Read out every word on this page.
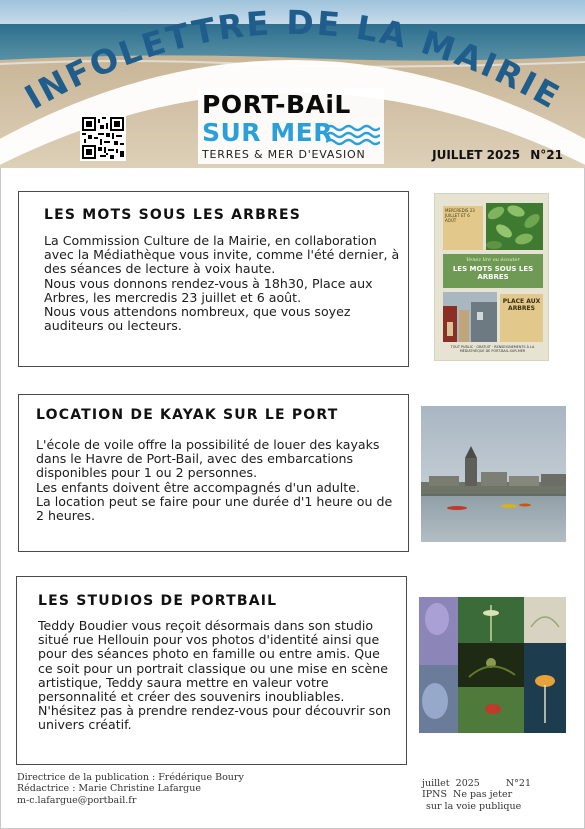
INFOLETTRE DE LA MAIRIE
PORT-BAiL
SUR MER
TERRES & MER D'EVASION	JUILLET 2025 N°21
LES MOTS SOUS LES ARBRES

La Commission Culture de la Mairie, en collaboration avec la Médiathèque vous invite, comme l'été dernier, à des séances de lecture à voix haute.
Nous vous donnons rendez-vous à 18h30, Place aux Arbres, les mercredis 23 juillet et 6 août.
Nous vous attendons nombreux, que vous soyez auditeurs ou lecteurs.

MERCREDIS 23 JUILLET ET 6 AOÛT
Venez lire ou écouter
LES MOTS SOUS LES ARBRES
PLACE AUX ARBRES
TOUT PUBLIC · GRATUIT · RENSEIGNEMENTS À LA MÉDIATHÈQUE DE PORT-BAIL-SUR-MER
LOCATION DE KAYAK SUR LE PORT

L'école de voile offre la possibilité de louer des kayaks dans le Havre de Port-Bail, avec des embarcations disponibles pour 1 ou 2 personnes.
Les enfants doivent être accompagnés d'un adulte.
La location peut se faire pour une durée d'1 heure ou de 2 heures.

LES STUDIOS DE PORTBAIL

Teddy Boudier vous reçoit désormais dans son studio situé rue Hellouin pour vos photos d'identité ainsi que pour des séances photo en famille ou entre amis. Que ce soit pour un portrait classique ou une mise en scène artistique, Teddy saura mettre en valeur votre personnalité et créer des souvenirs inoubliables. N'hésitez pas à prendre rendez-vous pour découvrir son univers créatif.

Directrice de la publication : Frédérique Boury
Rédactrice : Marie Christine Lafargue
m-c.lafargue@portbail.fr
juillet  2025	N°21
IPNS  Ne pas jeter
sur la voie publique
